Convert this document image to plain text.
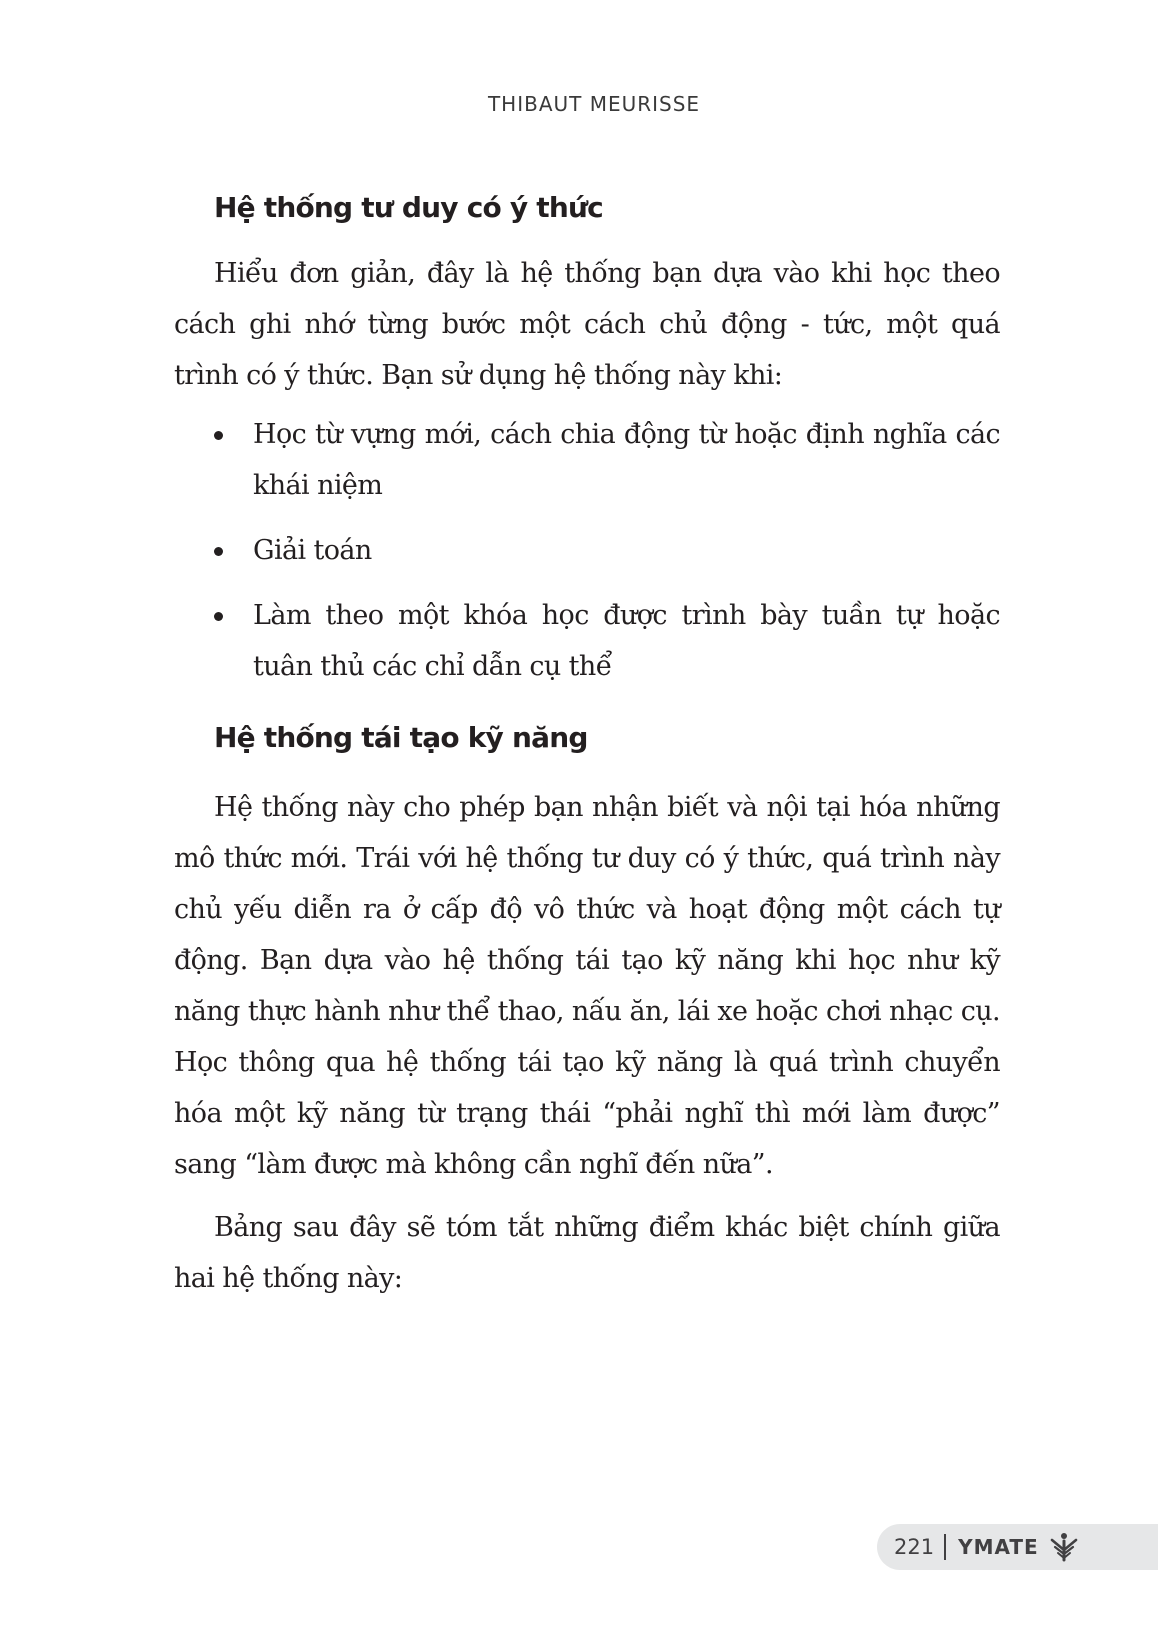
THIBAUT MEURISSE
Hệ thống tư duy có ý thức

Hiểu đơn giản, đây là hệ thống bạn dựa vào khi học theo cách ghi nhớ từng bước một cách chủ động - tức, một quá trình có ý thức. Bạn sử dụng hệ thống này khi:

Học từ vựng mới, cách chia động từ hoặc định nghĩa các khái niệm
Giải toán
Làm theo một khóa học được trình bày tuần tự hoặc tuân thủ các chỉ dẫn cụ thể
Hệ thống tái tạo kỹ năng

Hệ thống này cho phép bạn nhận biết và nội tại hóa những mô thức mới. Trái với hệ thống tư duy có ý thức, quá trình này chủ yếu diễn ra ở cấp độ vô thức và hoạt động một cách tự động. Bạn dựa vào hệ thống tái tạo kỹ năng khi học như kỹ năng thực hành như thể thao, nấu ăn, lái xe hoặc chơi nhạc cụ. Học thông qua hệ thống tái tạo kỹ năng là quá trình chuyển hóa một kỹ năng từ trạng thái “phải nghĩ thì mới làm được” sang “làm được mà không cần nghĩ đến nữa”.

Bảng sau đây sẽ tóm tắt những điểm khác biệt chính giữa hai hệ thống này:

221 YMATE
